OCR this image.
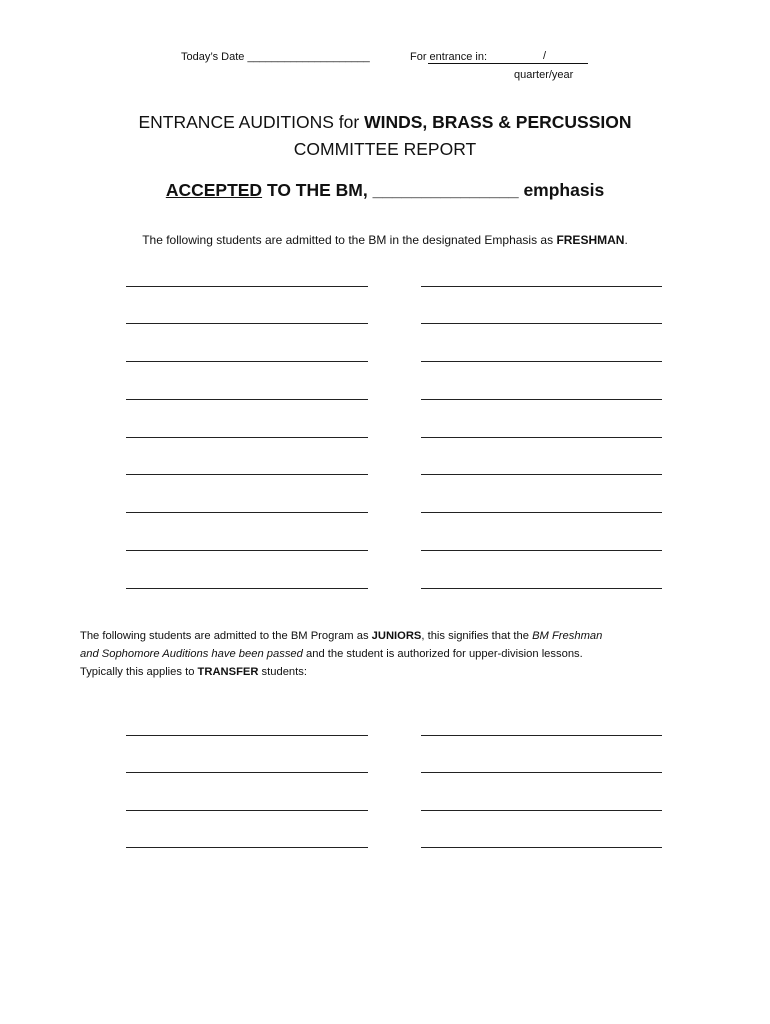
Today’s Date ____________________	For entrance in:	/
quarter/year
ENTRANCE AUDITIONS for WINDS, BRASS & PERCUSSION
COMMITTEE REPORT
ACCEPTED TO THE BM, _______________ emphasis
The following students are admitted to the BM in the designated Emphasis as FRESHMAN.
The following students are admitted to the BM Program as JUNIORS, this signifies that the BM Freshman
and Sophomore Auditions have been passed and the student is authorized for upper-division lessons.
Typically this applies to TRANSFER students:
